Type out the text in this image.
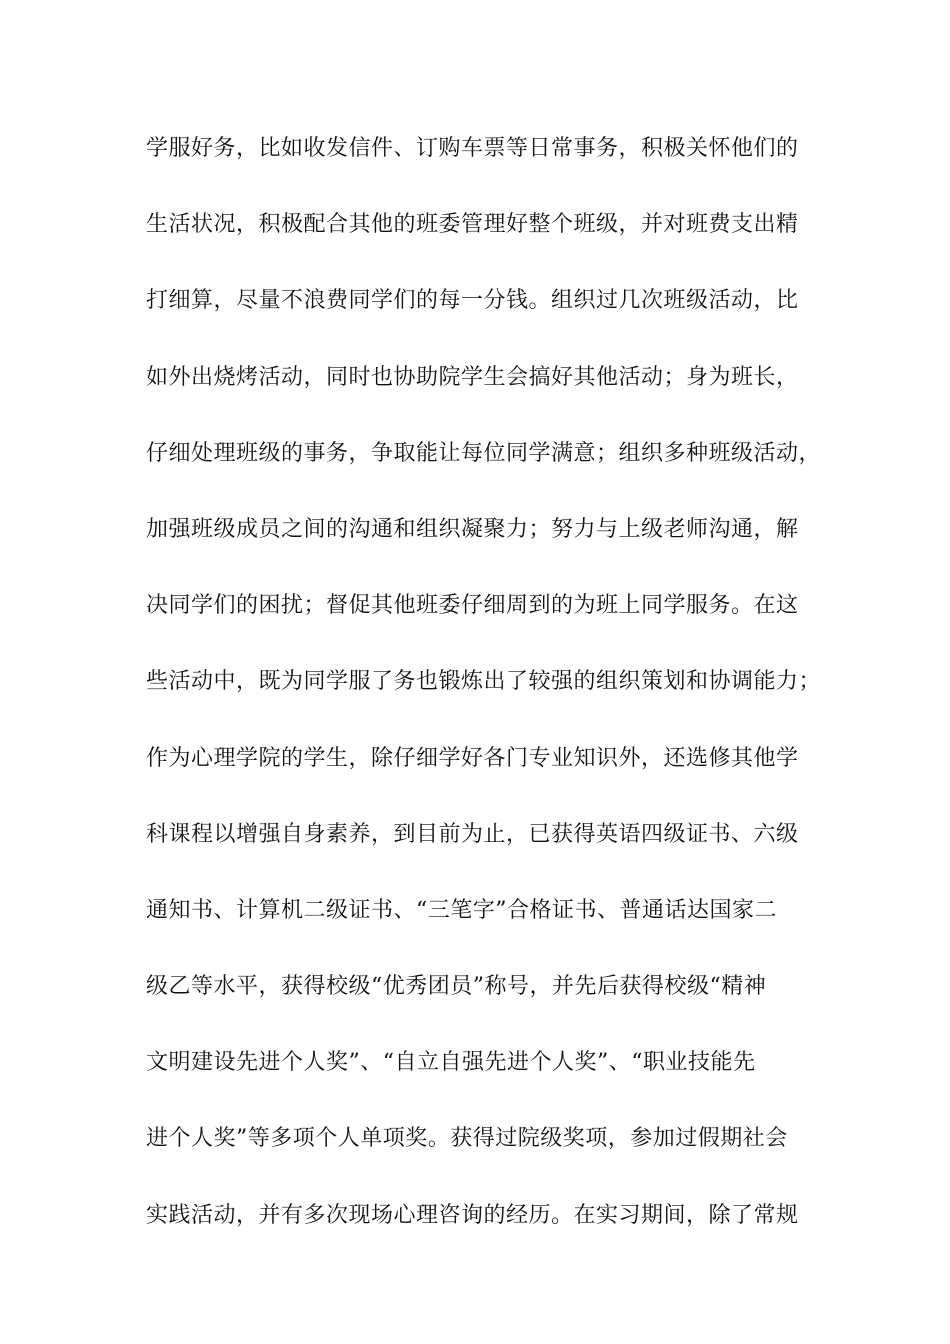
学服好务，比如收发信件、订购车票等日常事务，积极关怀他们的
生活状况，积极配合其他的班委管理好整个班级，并对班费支出精
打细算，尽量不浪费同学们的每一分钱。组织过几次班级活动，比
如外出烧烤活动，同时也协助院学生会搞好其他活动；身为班长，
仔细处理班级的事务，争取能让每位同学满意；组织多种班级活动，
加强班级成员之间的沟通和组织凝聚力；努力与上级老师沟通，解
决同学们的困扰；督促其他班委仔细周到的为班上同学服务。在这
些活动中，既为同学服了务也锻炼出了较强的组织策划和协调能力；
作为心理学院的学生，除仔细学好各门专业知识外，还选修其他学
科课程以增强自身素养，到目前为止，已获得英语四级证书、六级
通知书、计算机二级证书、“三笔字”合格证书、普通话达国家二
级乙等水平，获得校级“优秀团员”称号，并先后获得校级“精神
文明建设先进个人奖”、“自立自强先进个人奖”、“职业技能先
进个人奖”等多项个人单项奖。获得过院级奖项，参加过假期社会
实践活动，并有多次现场心理咨询的经历。在实习期间，除了常规
